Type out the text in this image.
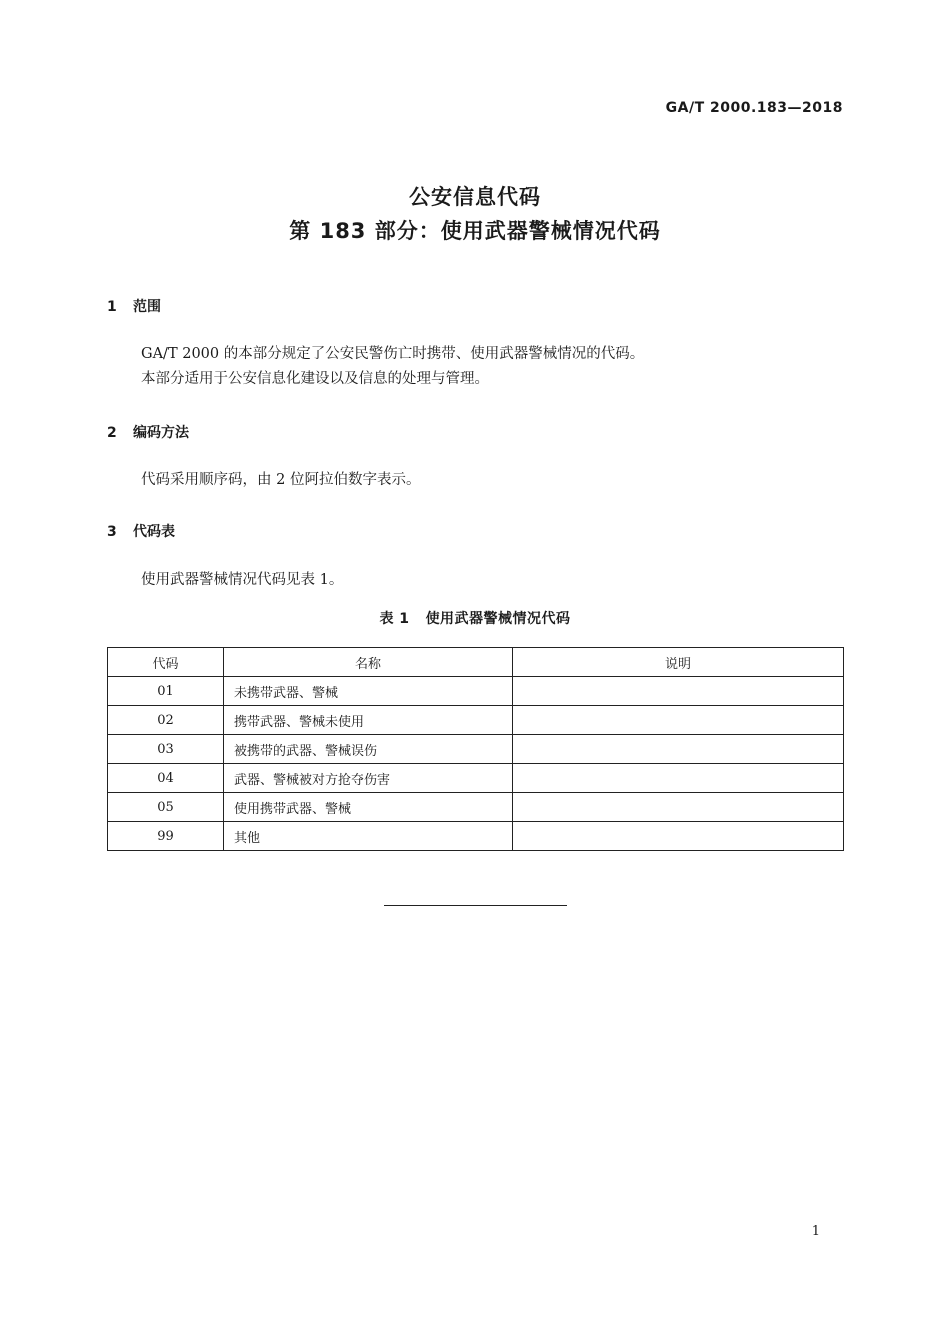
GA/T 2000.183—2018
公安信息代码
第 183 部分：使用武器警械情况代码
1 范围
GA/T 2000 的本部分规定了公安民警伤亡时携带、使用武器警械情况的代码。
本部分适用于公安信息化建设以及信息的处理与管理。
2 编码方法
代码采用顺序码，由 2 位阿拉伯数字表示。
3 代码表
使用武器警械情况代码见表 1。
表 1 使用武器警械情况代码
代码	名称	说明
01	未携带武器、警械	
02	携带武器、警械未使用	
03	被携带的武器、警械误伤	
04	武器、警械被对方抢夺伤害	
05	使用携带武器、警械	
99	其他	
1
